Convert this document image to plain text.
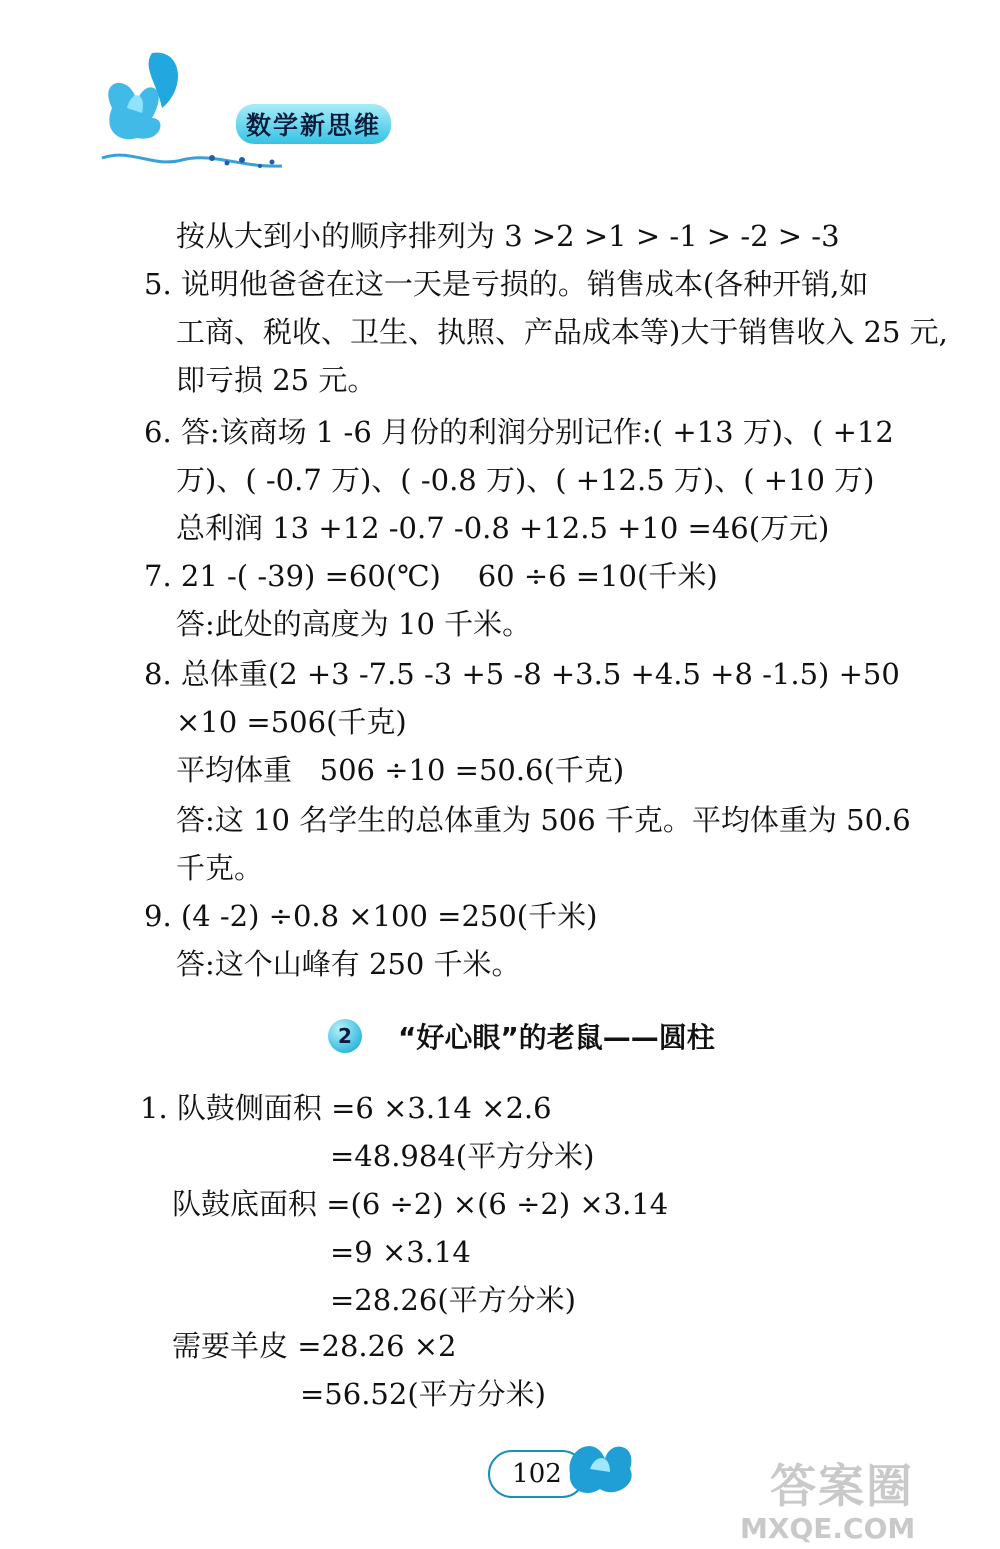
数学新思维
按从大到小的顺序排列为 3 >2 >1 > -1 > -2 > -3
5. 说明他爸爸在这一天是亏损的。销售成本(各种开销,如
工商、税收、卫生、执照、产品成本等)大于销售收入 25 元,
即亏损 25 元。
6. 答:该商场 1 -6 月份的利润分别记作:( +13 万)、( +12
万)、( -0.7 万)、( -0.8 万)、( +12.5 万)、( +10 万)
总利润 13 +12 -0.7 -0.8 +12.5 +10 =46(万元)
7. 21 -( -39) =60(℃)    60 ÷6 =10(千米)
答:此处的高度为 10 千米。
8. 总体重(2 +3 -7.5 -3 +5 -8 +3.5 +4.5 +8 -1.5) +50
×10 =506(千克)
平均体重   506 ÷10 =50.6(千克)
答:这 10 名学生的总体重为 506 千克。平均体重为 50.6
千克。
9. (4 -2) ÷0.8 ×100 =250(千米)
答:这个山峰有 250 千米。
2	“好心眼”的老鼠——圆柱
1. 队鼓侧面积 =6 ×3.14 ×2.6
=48.984(平方分米)
队鼓底面积 =(6 ÷2) ×(6 ÷2) ×3.14
=9 ×3.14
=28.26(平方分米)
需要羊皮 =28.26 ×2
=56.52(平方分米)
102	答案圈
MXQE.COM
